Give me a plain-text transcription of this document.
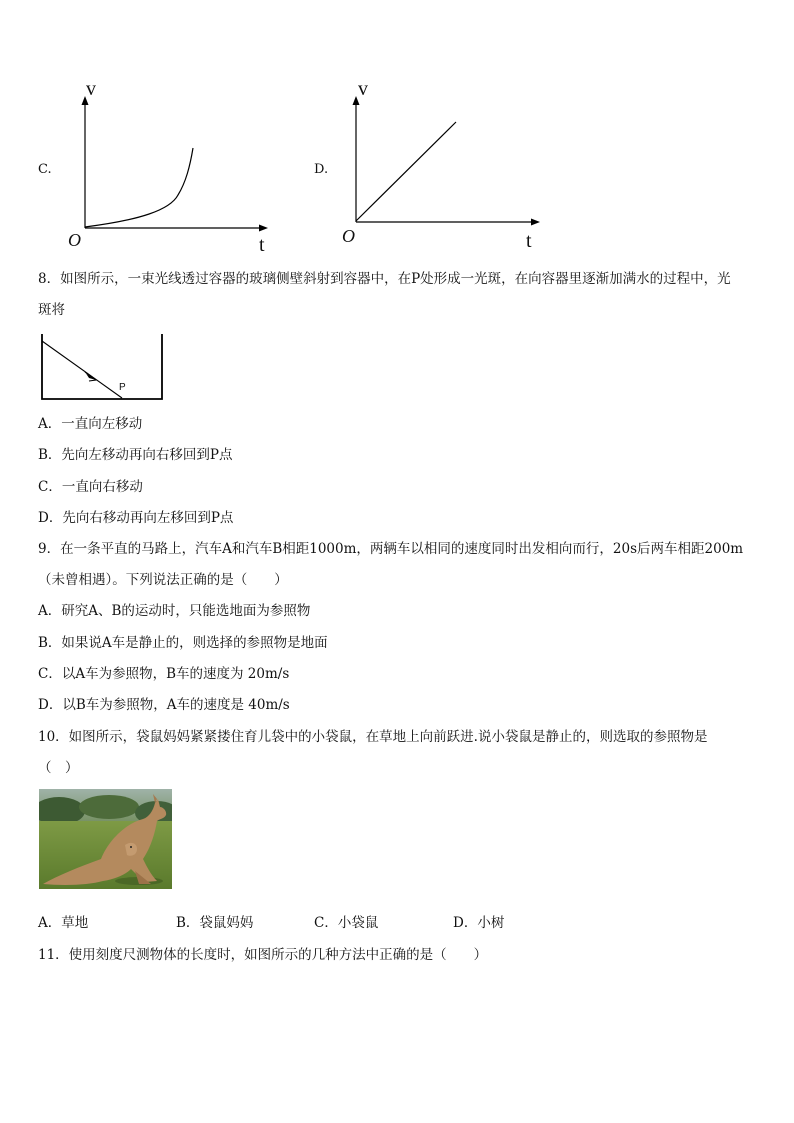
C.
v
t
O
D.
v
t
O
8．如图所示，一束光线透过容器的玻璃侧壁斜射到容器中，在P处形成一光斑，在向容器里逐渐加满水的过程中，光
斑将
P
A．一直向左移动
B．先向左移动再向右移回到P点
C．一直向右移动
D．先向右移动再向左移回到P点
9．在一条平直的马路上，汽车A和汽车B相距1000m，两辆车以相同的速度同时出发相向而行，20s后两车相距200m
（未曾相遇）。下列说法正确的是（　　）
A．研究A、B的运动时，只能选地面为参照物
B．如果说A车是静止的，则选择的参照物是地面
C．以A车为参照物，B车的速度为 20m/s
D．以B车为参照物，A车的速度是 40m/s
10．如图所示，袋鼠妈妈紧紧搂住育儿袋中的小袋鼠，在草地上向前跃进.说小袋鼠是静止的，则选取的参照物是
（　）
A．草地	B．袋鼠妈妈	C．小袋鼠	D．小树
11．使用刻度尺测物体的长度时，如图所示的几种方法中正确的是（　　）
